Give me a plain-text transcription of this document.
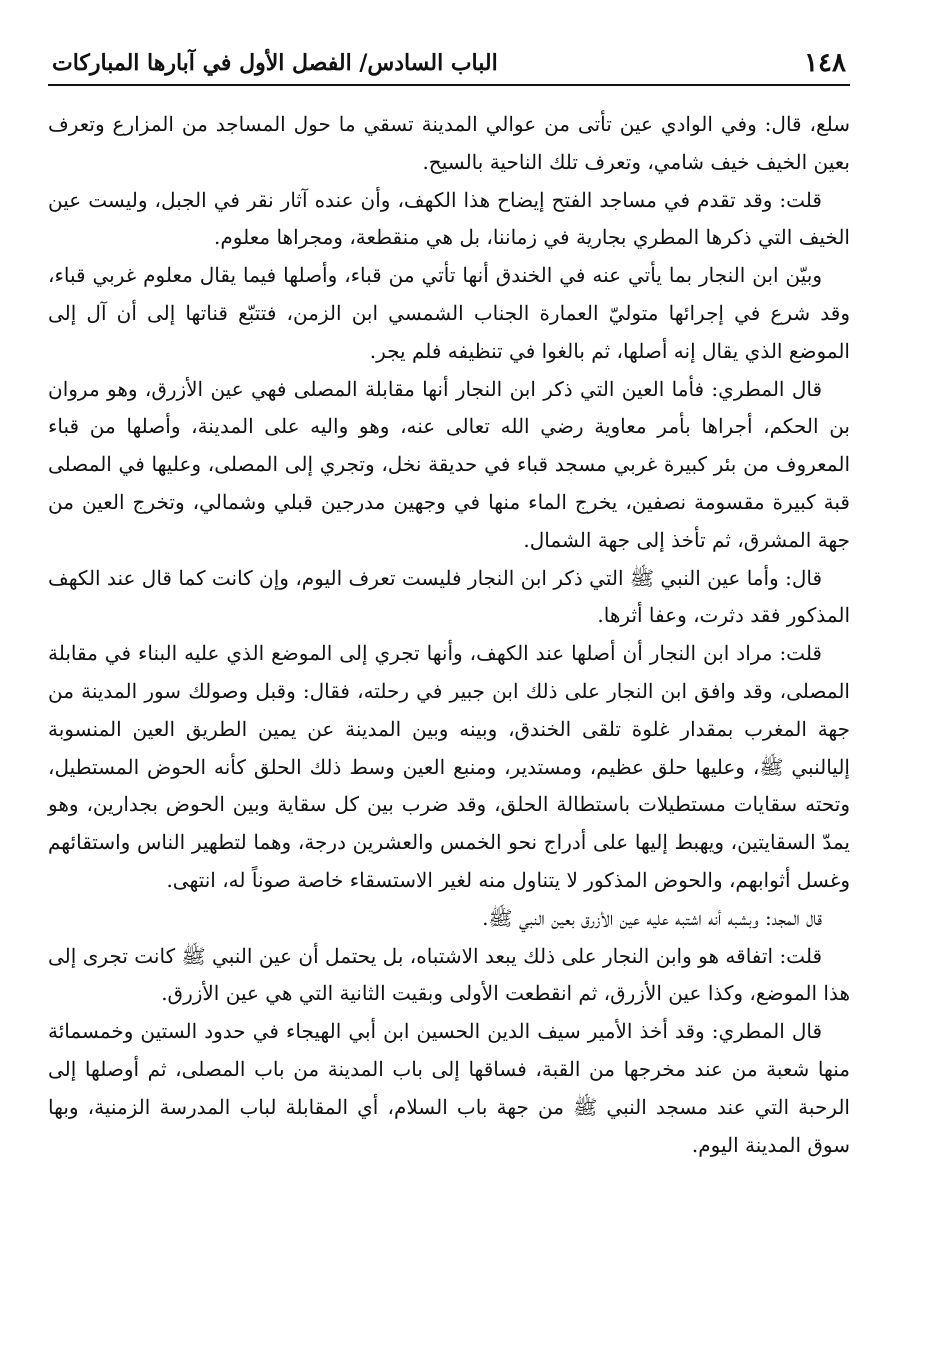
١٤٨
الباب السادس/ الفصل الأول في آبارها المباركات

سلع، قال: وفي الوادي عين تأتى من عوالي المدينة تسقي ما حول المساجد من المزارع وتعرف بعين الخيف خيف شامي، وتعرف تلك الناحية بالسيح.

قلت: وقد تقدم في مساجد الفتح إيضاح هذا الكهف، وأن عنده آثار نقر في الجبل، وليست عين الخيف التي ذكرها المطري بجارية في زماننا، بل هي منقطعة، ومجراها معلوم.

وبيّن ابن النجار بما يأتي عنه في الخندق أنها تأتي من قباء، وأصلها فيما يقال معلوم غربي قباء، وقد شرع في إجرائها متوليّ العمارة الجناب الشمسي ابن الزمن، فتتبّع قناتها إلى أن آل إلى الموضع الذي يقال إنه أصلها، ثم بالغوا في تنظيفه فلم يجر.

قال المطري: فأما العين التي ذكر ابن النجار أنها مقابلة المصلى فهي عين الأزرق، وهو مروان بن الحكم، أجراها بأمر معاوية رضي الله تعالى عنه، وهو واليه على المدينة، وأصلها من قباء المعروف من بئر كبيرة غربي مسجد قباء في حديقة نخل، وتجري إلى المصلى، وعليها في المصلى قبة كبيرة مقسومة نصفين، يخرج الماء منها في وجهين مدرجين قبلي وشمالي، وتخرج العين من جهة المشرق، ثم تأخذ إلى جهة الشمال.

قال: وأما عين النبي ﷺ التي ذكر ابن النجار فليست تعرف اليوم، وإن كانت كما قال عند الكهف المذكور فقد دثرت، وعفا أثرها.

قلت: مراد ابن النجار أن أصلها عند الكهف، وأنها تجري إلى الموضع الذي عليه البناء في مقابلة المصلى، وقد وافق ابن النجار على ذلك ابن جبير في رحلته، فقال: وقبل وصولك سور المدينة من جهة المغرب بمقدار غلوة تلقى الخندق، وبينه وبين المدينة عن يمين الطريق العين المنسوبة إليالنبي ﷺ، وعليها حلق عظيم، ومستدير، ومنبع العين وسط ذلك الحلق كأنه الحوض المستطيل، وتحته سقايات مستطيلات باستطالة الحلق، وقد ضرب بين كل سقاية وبين الحوض بجدارين، وهو يمدّ السقايتين، ويهبط إليها على أدراج نحو الخمس والعشرين درجة، وهما لتطهير الناس واستقائهم وغسل أثوابهم، والحوض المذكور لا يتناول منه لغير الاستسقاء خاصة صوناً له، انتهى.

قال المجد: وبشبه أنه اشتبه عليه عين الأزرق بعين النبي ﷺ.

قلت: اتفاقه هو وابن النجار على ذلك يبعد الاشتباه، بل يحتمل أن عين النبي ﷺ كانت تجرى إلى هذا الموضع، وكذا عين الأزرق، ثم انقطعت الأولى وبقيت الثانية التي هي عين الأزرق.

قال المطري: وقد أخذ الأمير سيف الدين الحسين ابن أبي الهيجاء في حدود الستين وخمسمائة منها شعبة من عند مخرجها من القبة، فساقها إلى باب المدينة من باب المصلى، ثم أوصلها إلى الرحبة التي عند مسجد النبي ﷺ من جهة باب السلام، أي المقابلة لباب المدرسة الزمنية، وبها سوق المدينة اليوم.
